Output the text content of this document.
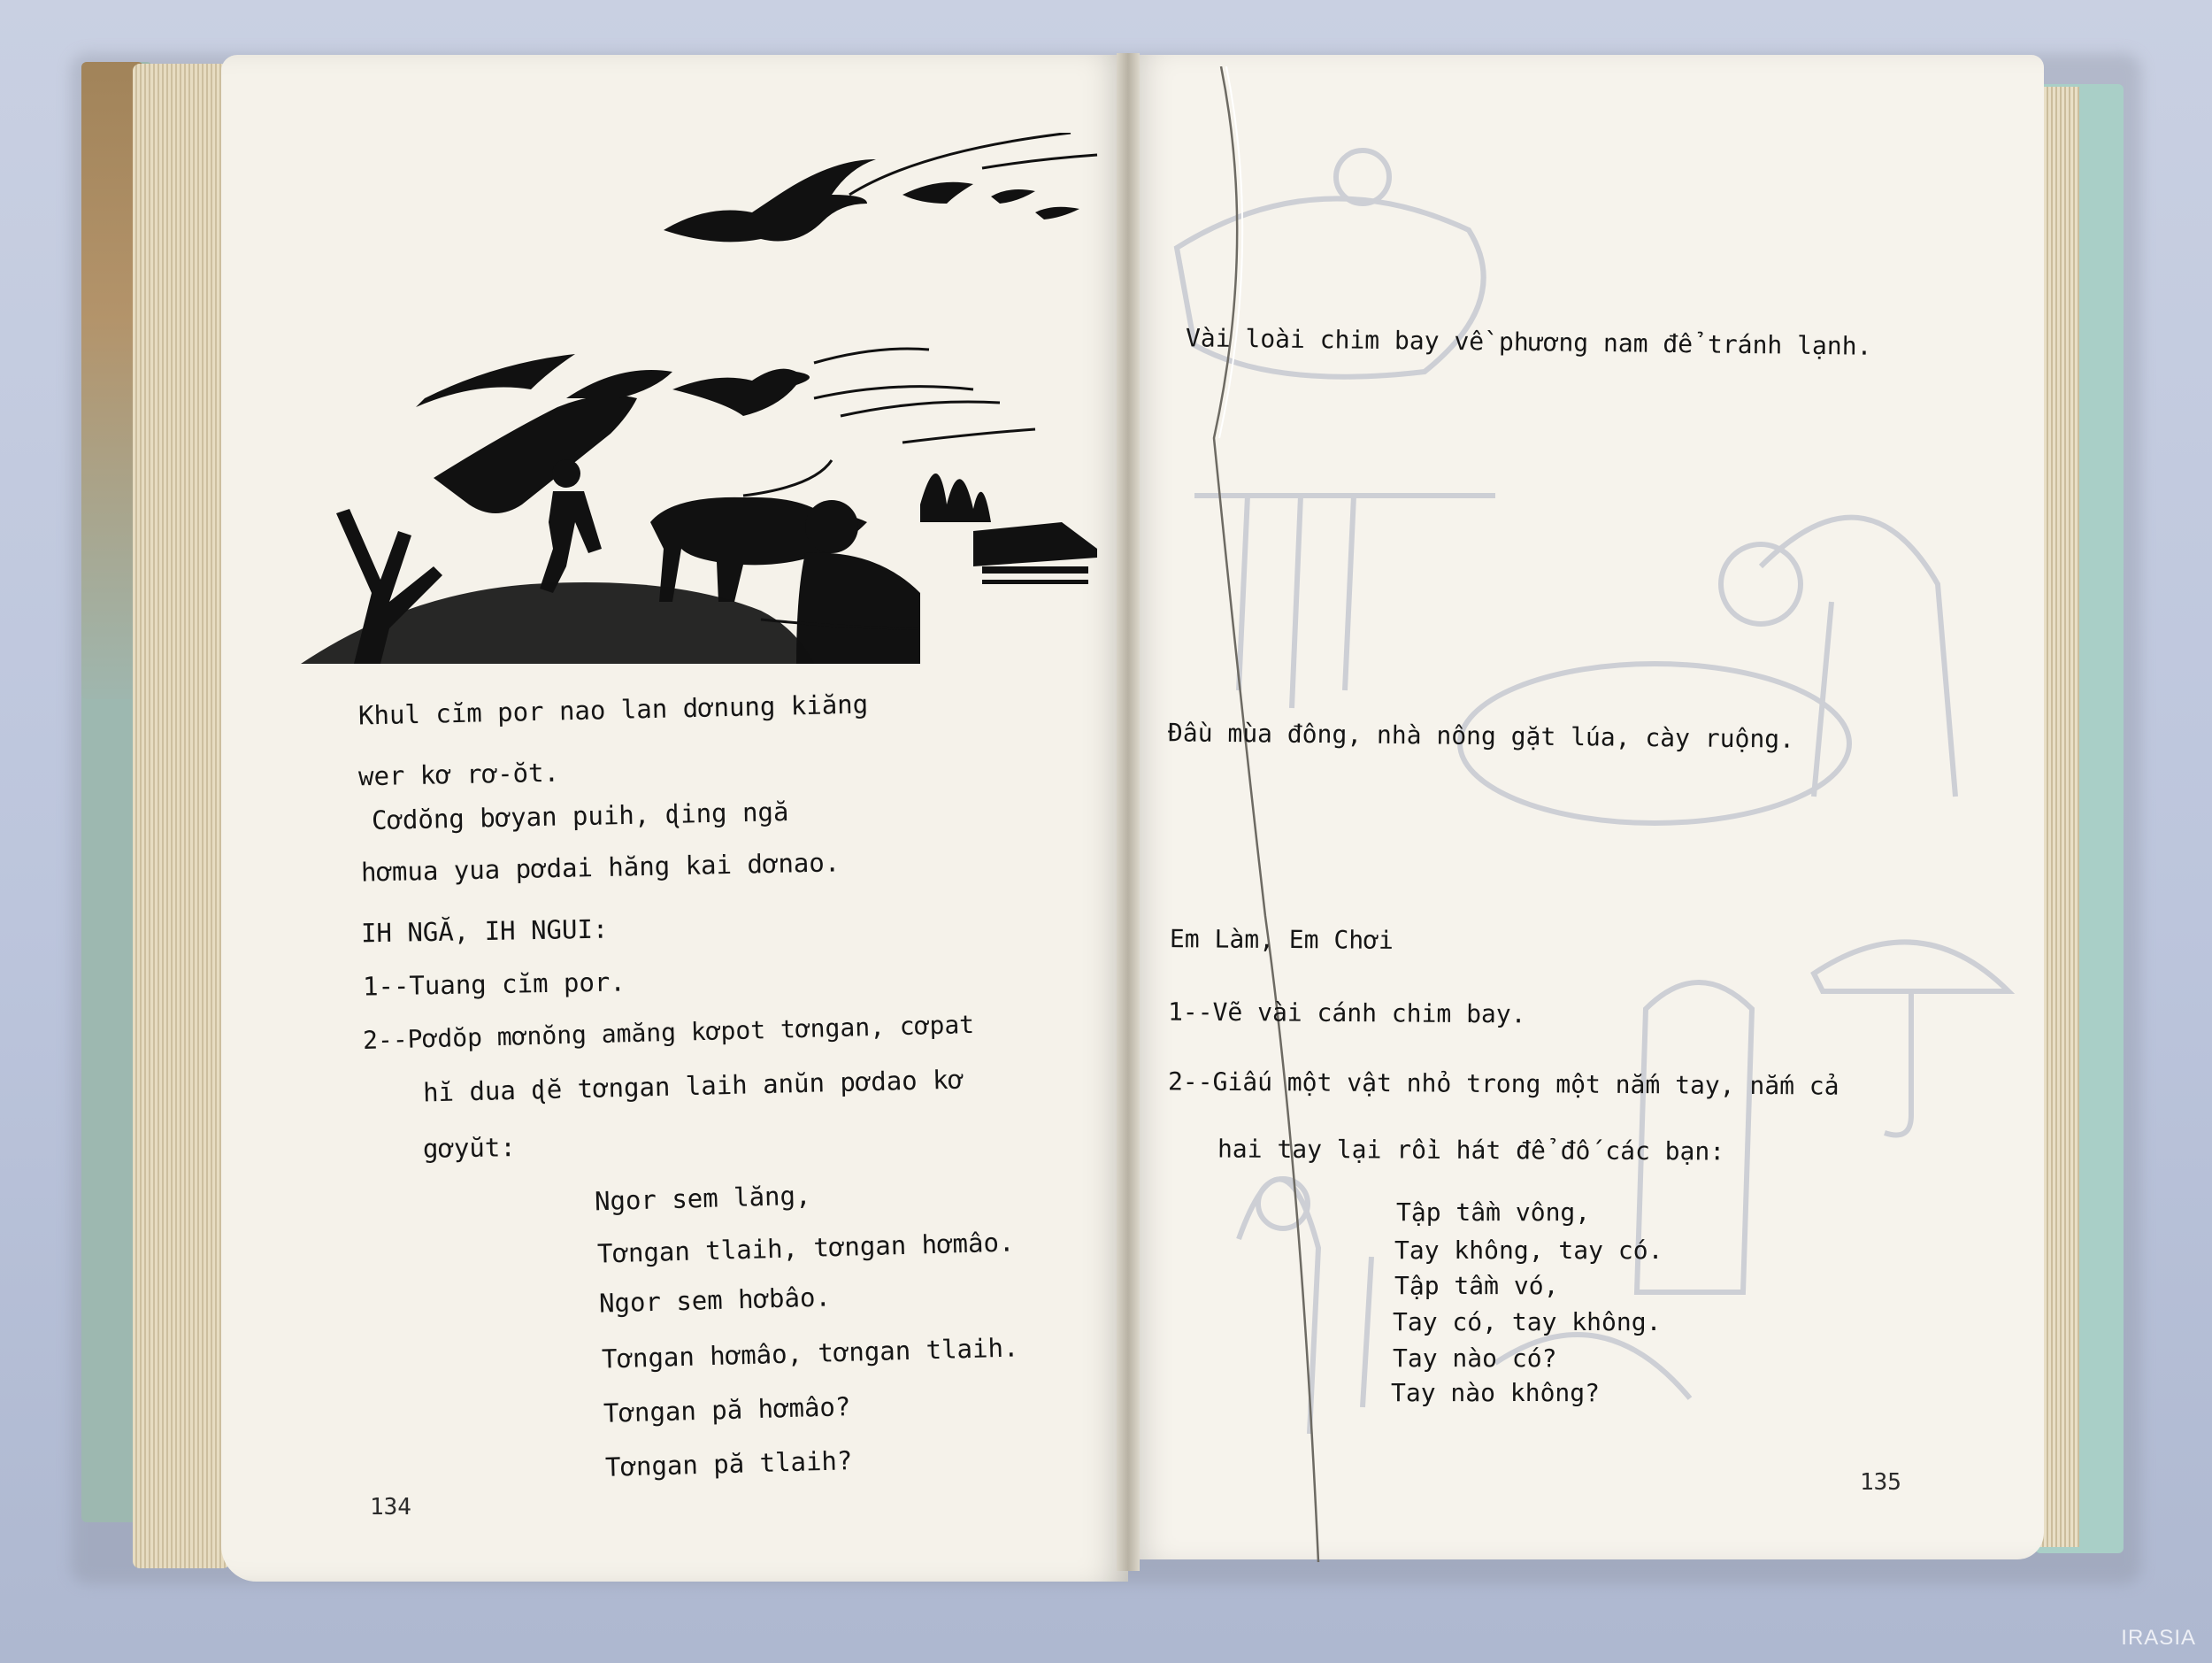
Khul cĭm por nao lan dơnung kiăng
wer kơ rơ-ŏt.
Cơdŏng bơyan puih, ɖing ngă
hơmua yua pơdai hăng kai dơnao.
IH NGĂ, IH NGUI:
1--Tuang cĭm por.
2--Pơdŏp mơnŏng amăng kơpot tơngan, cơpat
hĭ dua ɖĕ tơngan laih anŭn pơdao kơ
gơyŭt:
Ngor sem lăng,
Tơngan tlaih, tơngan hơmâo.
Ngor sem hơbâo.
Tơngan hơmâo, tơngan tlaih.
Tơngan pă hơmâo?
Tơngan pă tlaih?
134
Vài loài chim bay về phương nam để tránh lạnh.
Đầu mùa đông, nhà nông gặt lúa, cày ruộng.
Em Làm, Em Chơi
1--Vẽ vài cánh chim bay.
2--Giấu một vật nhỏ trong một nắm tay, nắm cả
hai tay lại rồi hát để đố các bạn:
Tập tầm vông,
Tay không, tay có.
Tập tầm vó,
Tay có, tay không.
Tay nào có?
Tay nào không?
135
IRASIA
